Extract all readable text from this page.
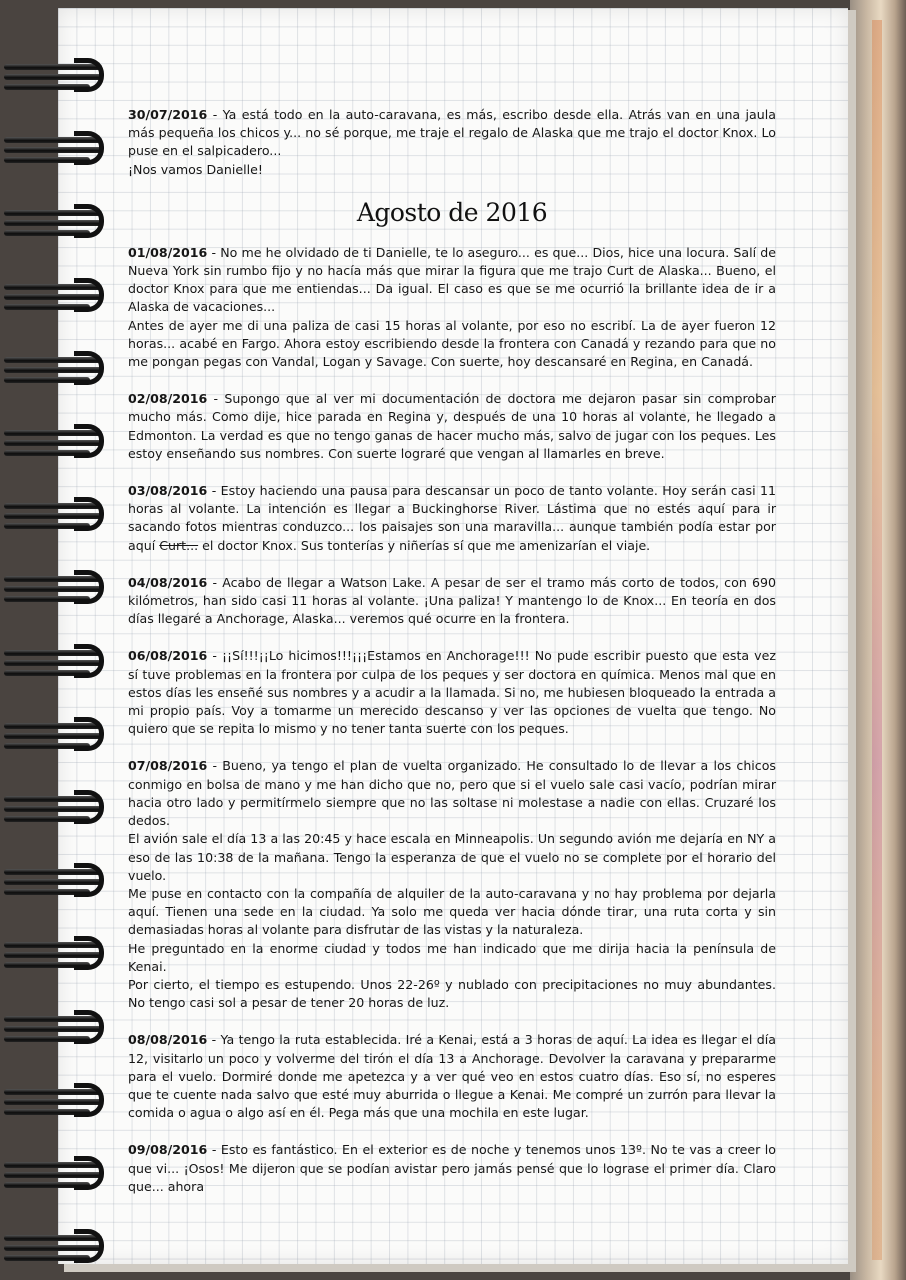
30/07/2016 - Ya está todo en la auto-caravana, es más, escribo desde ella. Atrás van en una jaula más pequeña los chicos y... no sé porque, me traje el regalo de Alaska que me trajo el doctor Knox. Lo puse en el salpicadero...

¡Nos vamos Danielle!

Agosto de 2016

01/08/2016 - No me he olvidado de ti Danielle, te lo aseguro... es que... Dios, hice una locura. Salí de Nueva York sin rumbo fijo y no hacía más que mirar la figura que me trajo Curt de Alaska... Bueno, el doctor Knox para que me entiendas... Da igual. El caso es que se me ocurrió la brillante idea de ir a Alaska de vacaciones...

Antes de ayer me di una paliza de casi 15 horas al volante, por eso no escribí. La de ayer fueron 12 horas... acabé en Fargo. Ahora estoy escribiendo desde la frontera con Canadá y rezando para que no me pongan pegas con Vandal, Logan y Savage. Con suerte, hoy descansaré en Regina, en Canadá.

02/08/2016 - Supongo que al ver mi documentación de doctora me dejaron pasar sin comprobar mucho más. Como dije, hice parada en Regina y, después de una 10 horas al volante, he llegado a Edmonton. La verdad es que no tengo ganas de hacer mucho más, salvo de jugar con los peques. Les estoy enseñando sus nombres. Con suerte lograré que vengan al llamarles en breve.

03/08/2016 - Estoy haciendo una pausa para descansar un poco de tanto volante. Hoy serán casi 11 horas al volante. La intención es llegar a Buckinghorse River. Lástima que no estés aquí para ir sacando fotos mientras conduzco... los paisajes son una maravilla... aunque también podía estar por aquí Curt... el doctor Knox. Sus tonterías y niñerías sí que me amenizarían el viaje.

04/08/2016 - Acabo de llegar a Watson Lake. A pesar de ser el tramo más corto de todos, con 690 kilómetros, han sido casi 11 horas al volante. ¡Una paliza! Y mantengo lo de Knox... En teoría en dos días llegaré a Anchorage, Alaska... veremos qué ocurre en la frontera.

06/08/2016 - ¡¡Sí!!!¡¡Lo hicimos!!!¡¡¡Estamos en Anchorage!!! No pude escribir puesto que esta vez sí tuve problemas en la frontera por culpa de los peques y ser doctora en química. Menos mal que en estos días les enseñé sus nombres y a acudir a la llamada. Si no, me hubiesen bloqueado la entrada a mi propio país. Voy a tomarme un merecido descanso y ver las opciones de vuelta que tengo. No quiero que se repita lo mismo y no tener tanta suerte con los peques.

07/08/2016 - Bueno, ya tengo el plan de vuelta organizado. He consultado lo de llevar a los chicos conmigo en bolsa de mano y me han dicho que no, pero que si el vuelo sale casi vacío, podrían mirar hacia otro lado y permitírmelo siempre que no las soltase ni molestase a nadie con ellas. Cruzaré los dedos.

El avión sale el día 13 a las 20:45 y hace escala en Minneapolis. Un segundo avión me dejaría en NY a eso de las 10:38 de la mañana. Tengo la esperanza de que el vuelo no se complete por el horario del vuelo.

Me puse en contacto con la compañía de alquiler de la auto-caravana y no hay problema por dejarla aquí. Tienen una sede en la ciudad. Ya solo me queda ver hacia dónde tirar, una ruta corta y sin demasiadas horas al volante para disfrutar de las vistas y la naturaleza.

He preguntado en la enorme ciudad y todos me han indicado que me dirija hacia la península de Kenai.

Por cierto, el tiempo es estupendo. Unos 22-26º y nublado con precipitaciones no muy abundantes. No tengo casi sol a pesar de tener 20 horas de luz.

08/08/2016 - Ya tengo la ruta establecida. Iré a Kenai, está a 3 horas de aquí. La idea es llegar el día 12, visitarlo un poco y volverme del tirón el día 13 a Anchorage. Devolver la caravana y prepararme para el vuelo. Dormiré donde me apetezca y a ver qué veo en estos cuatro días. Eso sí, no esperes que te cuente nada salvo que esté muy aburrida o llegue a Kenai. Me compré un zurrón para llevar la comida o agua o algo así en él. Pega más que una mochila en este lugar.

09/08/2016 - Esto es fantástico. En el exterior es de noche y tenemos unos 13º. No te vas a creer lo que vi... ¡Osos! Me dijeron que se podían avistar pero jamás pensé que lo lograse el primer día. Claro que... ahora
